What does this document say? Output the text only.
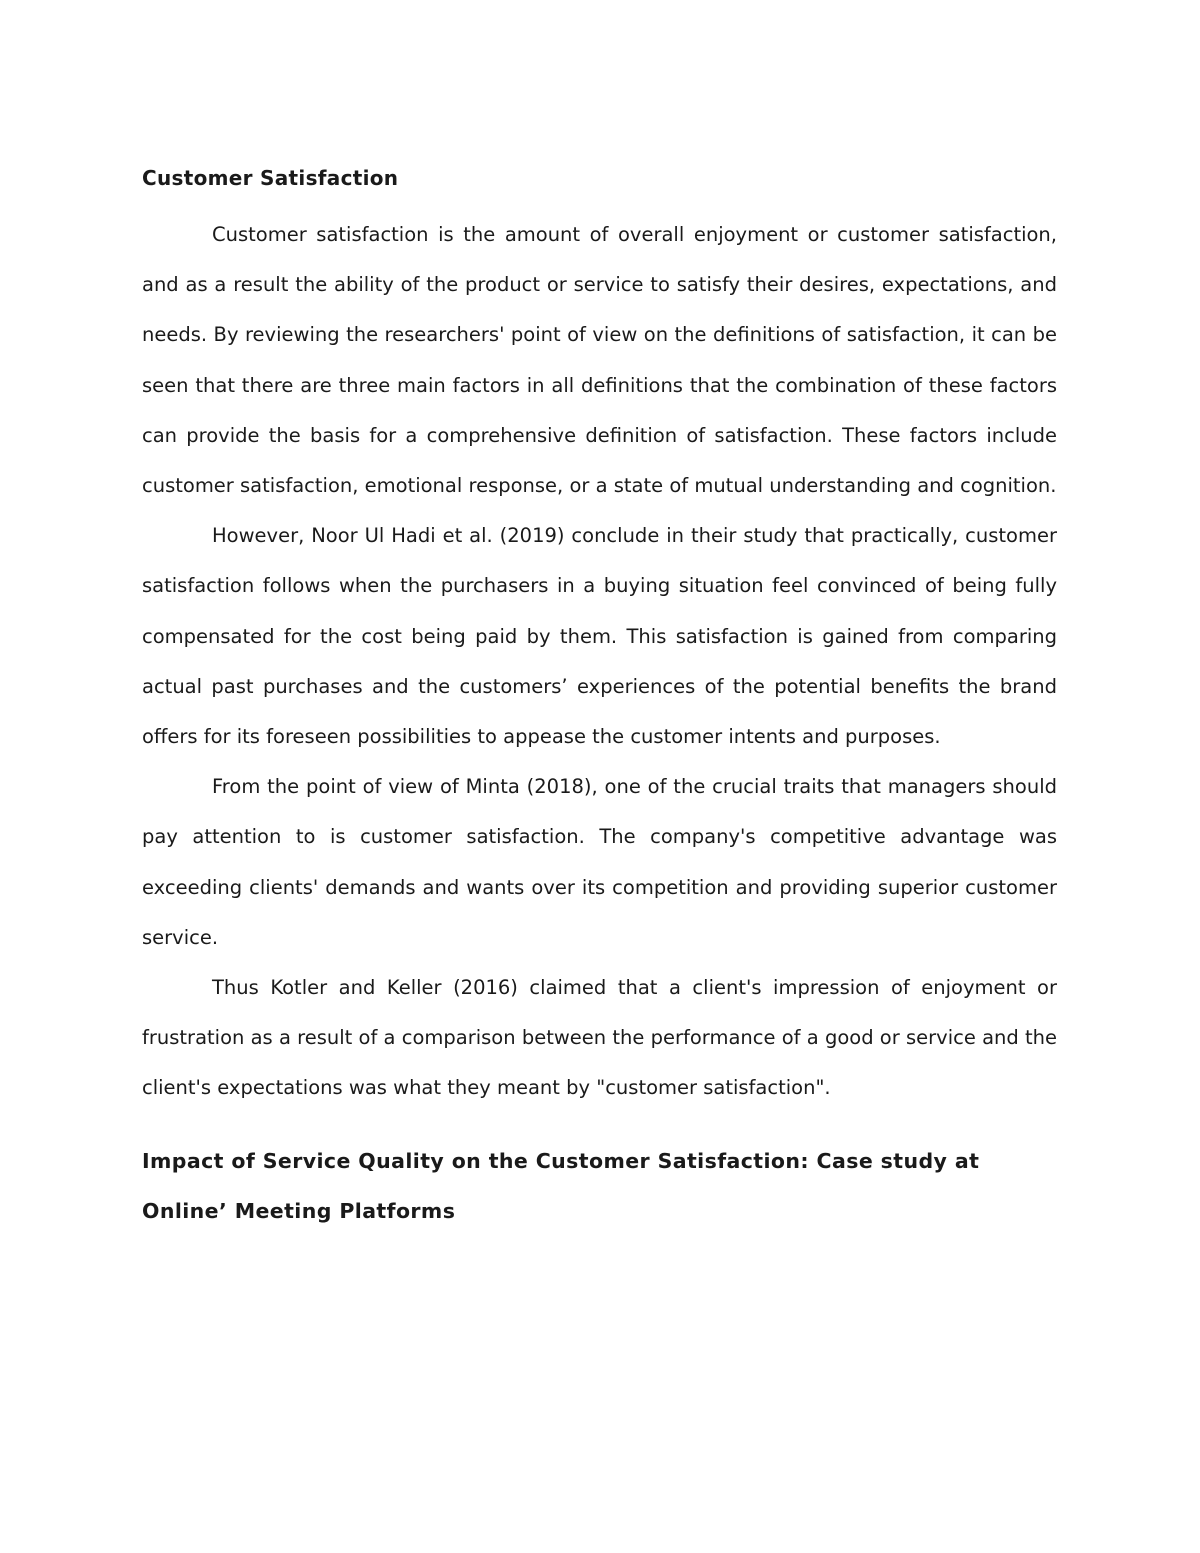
Customer Satisfaction

Customer satisfaction is the amount of overall enjoyment or customer satisfaction, and as a result the ability of the product or service to satisfy their desires, expectations, and needs. By reviewing the researchers' point of view on the definitions of satisfaction, it can be seen that there are three main factors in all definitions that the combination of these factors can provide the basis for a comprehensive definition of satisfaction. These factors include customer satisfaction, emotional response, or a state of mutual understanding and cognition.

However, Noor Ul Hadi et al. (2019) conclude in their study that practically, customer satisfaction follows when the purchasers in a buying situation feel convinced of being fully compensated for the cost being paid by them. This satisfaction is gained from comparing actual past purchases and the customers’ experiences of the potential benefits the brand offers for its foreseen possibilities to appease the customer intents and purposes.

From the point of view of Minta (2018), one of the crucial traits that managers should pay attention to is customer satisfaction. The company's competitive advantage was exceeding clients' demands and wants over its competition and providing superior customer service.

Thus Kotler and Keller (2016) claimed that a client's impression of enjoyment or frustration as a result of a comparison between the performance of a good or service and the client's expectations was what they meant by "customer satisfaction".

Impact of Service Quality on the Customer Satisfaction: Case study at Online’ Meeting Platforms
